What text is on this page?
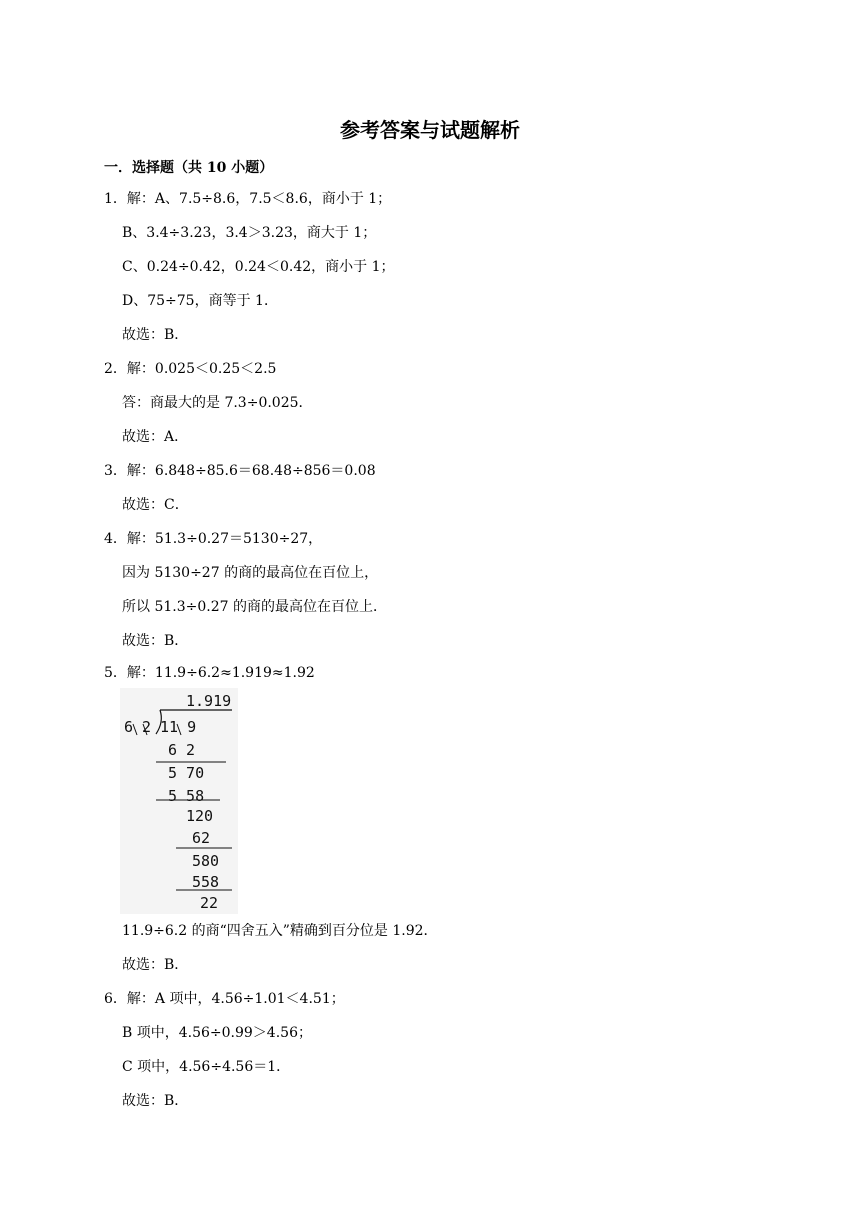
参考答案与试题解析
一．选择题（共 10 小题）
1．解：A、7.5÷8.6，7.5＜8.6，商小于 1；
B、3.4÷3.23，3.4＞3.23，商大于 1；
C、0.24÷0.42，0.24＜0.42，商小于 1；
D、75÷75，商等于 1．
故选：B．
2．解：0.025＜0.25＜2.5
答：商最大的是 7.3÷0.025．
故选：A．
3．解：6.848÷85.6＝68.48÷856＝0.08
故选：C．
4．解：51.3÷0.27＝5130÷27，
因为 5130÷27 的商的最高位在百位上，
所以 51.3÷0.27 的商的最高位在百位上．
故选：B．
5．解：11.9÷6.2≈1.919≈1.92
1.919
6 2 11 9
6 2
5 70
5 58
120
62
580
558
22
11.9÷6.2 的商“四舍五入”精确到百分位是 1.92．
故选：B．
6．解：A 项中，4.56÷1.01＜4.51；
B 项中，4.56÷0.99＞4.56；
C 项中，4.56÷4.56＝1．
故选：B．
